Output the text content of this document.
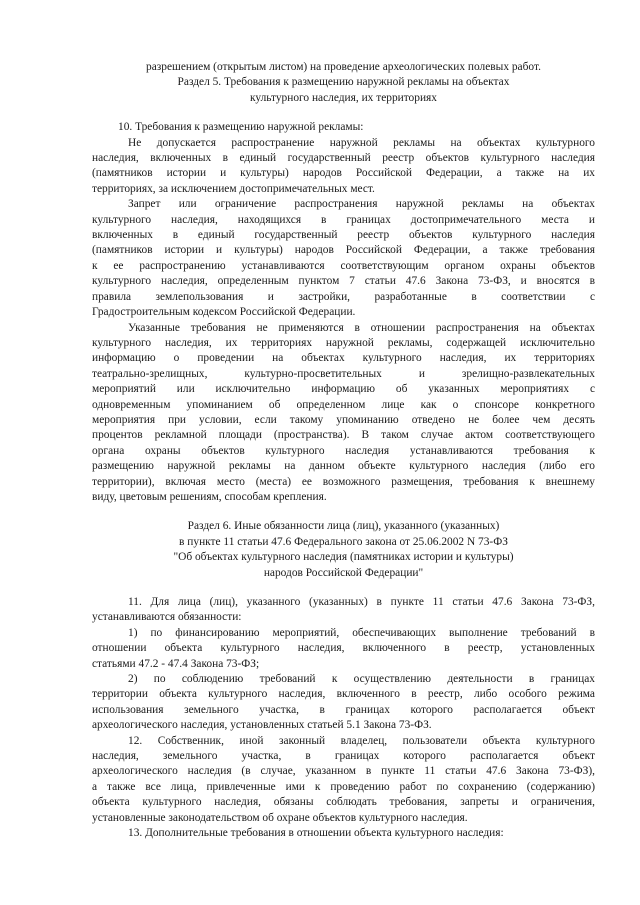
разрешением (открытым листом) на проведение археологических полевых работ.
Раздел 5. Требования к размещению наружной рекламы на объектах
культурного наследия, их территориях
10. Требования к размещению наружной рекламы:
Не допускается распространение наружной рекламы на объектах культурного
наследия, включенных в единый государственный реестр объектов культурного наследия
(памятников истории и культуры) народов Российской Федерации, а также на их
территориях, за исключением достопримечательных мест.
Запрет или ограничение распространения наружной рекламы на объектах
культурного наследия, находящихся в границах достопримечательного места и
включенных в единый государственный реестр объектов культурного наследия
(памятников истории и культуры) народов Российской Федерации, а также требования
к ее распространению устанавливаются соответствующим органом охраны объектов
культурного наследия, определенным пунктом 7 статьи 47.6 Закона 73-ФЗ, и вносятся в
правила землепользования и застройки, разработанные в соответствии с
Градостроительным кодексом Российской Федерации.
Указанные требования не применяются в отношении распространения на объектах
культурного наследия, их территориях наружной рекламы, содержащей исключительно
информацию о проведении на объектах культурного наследия, их территориях
театрально-зрелищных, культурно-просветительных и зрелищно-развлекательных
мероприятий или исключительно информацию об указанных мероприятиях с
одновременным упоминанием об определенном лице как о спонсоре конкретного
мероприятия при условии, если такому упоминанию отведено не более чем десять
процентов рекламной площади (пространства). В таком случае актом соответствующего
органа охраны объектов культурного наследия устанавливаются требования к
размещению наружной рекламы на данном объекте культурного наследия (либо его
территории), включая место (места) ее возможного размещения, требования к внешнему
виду, цветовым решениям, способам крепления.
Раздел 6. Иные обязанности лица (лиц), указанного (указанных)
в пункте 11 статьи 47.6 Федерального закона от 25.06.2002 N 73-ФЗ
"Об объектах культурного наследия (памятниках истории и культуры)
народов Российской Федерации"
11. Для лица (лиц), указанного (указанных) в пункте 11 статьи 47.6 Закона 73-ФЗ,
устанавливаются обязанности:
1) по финансированию мероприятий, обеспечивающих выполнение требований в
отношении объекта культурного наследия, включенного в реестр, установленных
статьями 47.2 - 47.4 Закона 73-ФЗ;
2) по соблюдению требований к осуществлению деятельности в границах
территории объекта культурного наследия, включенного в реестр, либо особого режима
использования земельного участка, в границах которого располагается объект
археологического наследия, установленных статьей 5.1 Закона 73-ФЗ.
12. Собственник, иной законный владелец, пользователи объекта культурного
наследия, земельного участка, в границах которого располагается объект
археологического наследия (в случае, указанном в пункте 11 статьи 47.6 Закона 73-ФЗ),
а также все лица, привлеченные ими к проведению работ по сохранению (содержанию)
объекта культурного наследия, обязаны соблюдать требования, запреты и ограничения,
установленные законодательством об охране объектов культурного наследия.
13. Дополнительные требования в отношении объекта культурного наследия:
